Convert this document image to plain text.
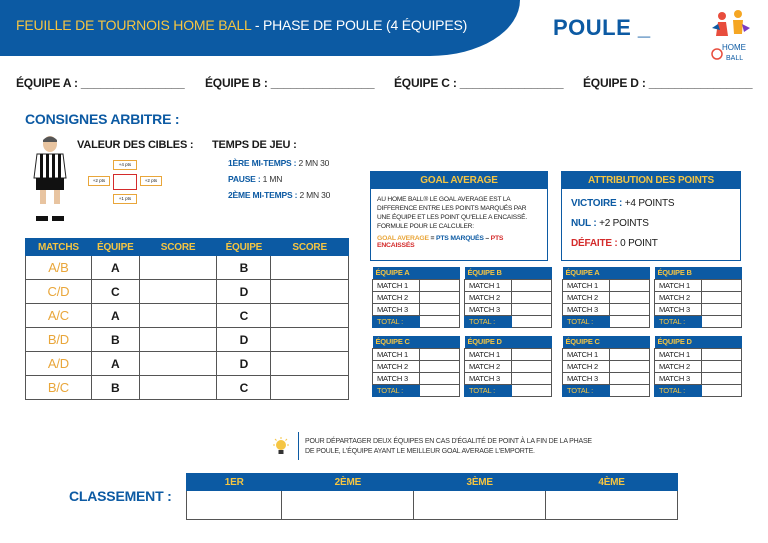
FEUILLE DE TOURNOIS HOME BALL - PHASE DE POULE (4 ÉQUIPES)	POULE _
HOME
BALL
ÉQUIPE A : ________________ ÉQUIPE B : ________________ ÉQUIPE C : ________________ ÉQUIPE D : ________________
CONSIGNES ARBITRE :
VALEUR DES CIBLES :
+4 pts
+2 pts	+2 pts
+1 pts
TEMPS DE JEU :
1ÈRE MI-TEMPS : 2 MN 30
PAUSE : 1 MN
2ÈME MI-TEMPS : 2 MN 30
MATCHS	ÉQUIPE	SCORE	ÉQUIPE	SCORE
A/B	A		B	
C/D	C		D	
A/C	A		C	
B/D	B		D	
A/D	A		D	
B/C	B		C	
GOAL AVERAGE
AU HOME BALL® LE GOAL AVERAGE EST LA DIFFERENCE ENTRE LES POINTS MARQUÉS PAR UNE ÉQUIPE ET LES POINT QU'ELLE A ENCAISSÉ. FORMULE POUR LE CALCULER:
GOAL AVERAGE = PTS MARQUÉS – PTS ENCAISSÉS
ATTRIBUTION DES POINTS
VICTOIRE : +4 POINTS
NUL : +2 POINTS
DÉFAITE : 0 POINT
ÉQUIPE A	
MATCH 1	
MATCH 2	
MATCH 3	
TOTAL :	
ÉQUIPE B	
MATCH 1	
MATCH 2	
MATCH 3	
TOTAL :	
ÉQUIPE C	
MATCH 1	
MATCH 2	
MATCH 3	
TOTAL :	
ÉQUIPE D	
MATCH 1	
MATCH 2	
MATCH 3	
TOTAL :	
ÉQUIPE A	
MATCH 1	
MATCH 2	
MATCH 3	
TOTAL :	
ÉQUIPE B	
MATCH 1	
MATCH 2	
MATCH 3	
TOTAL :	
ÉQUIPE C	
MATCH 1	
MATCH 2	
MATCH 3	
TOTAL :	
ÉQUIPE D	
MATCH 1	
MATCH 2	
MATCH 3	
TOTAL :	
POUR DÉPARTAGER DEUX ÉQUIPES EN CAS D'ÉGALITÉ DE POINT À LA FIN DE LA PHASE DE POULE, L'ÉQUIPE AYANT LE MEILLEUR GOAL AVERAGE L'EMPORTE.
CLASSEMENT :
1ER	2ÈME	3ÈME	4ÈME
